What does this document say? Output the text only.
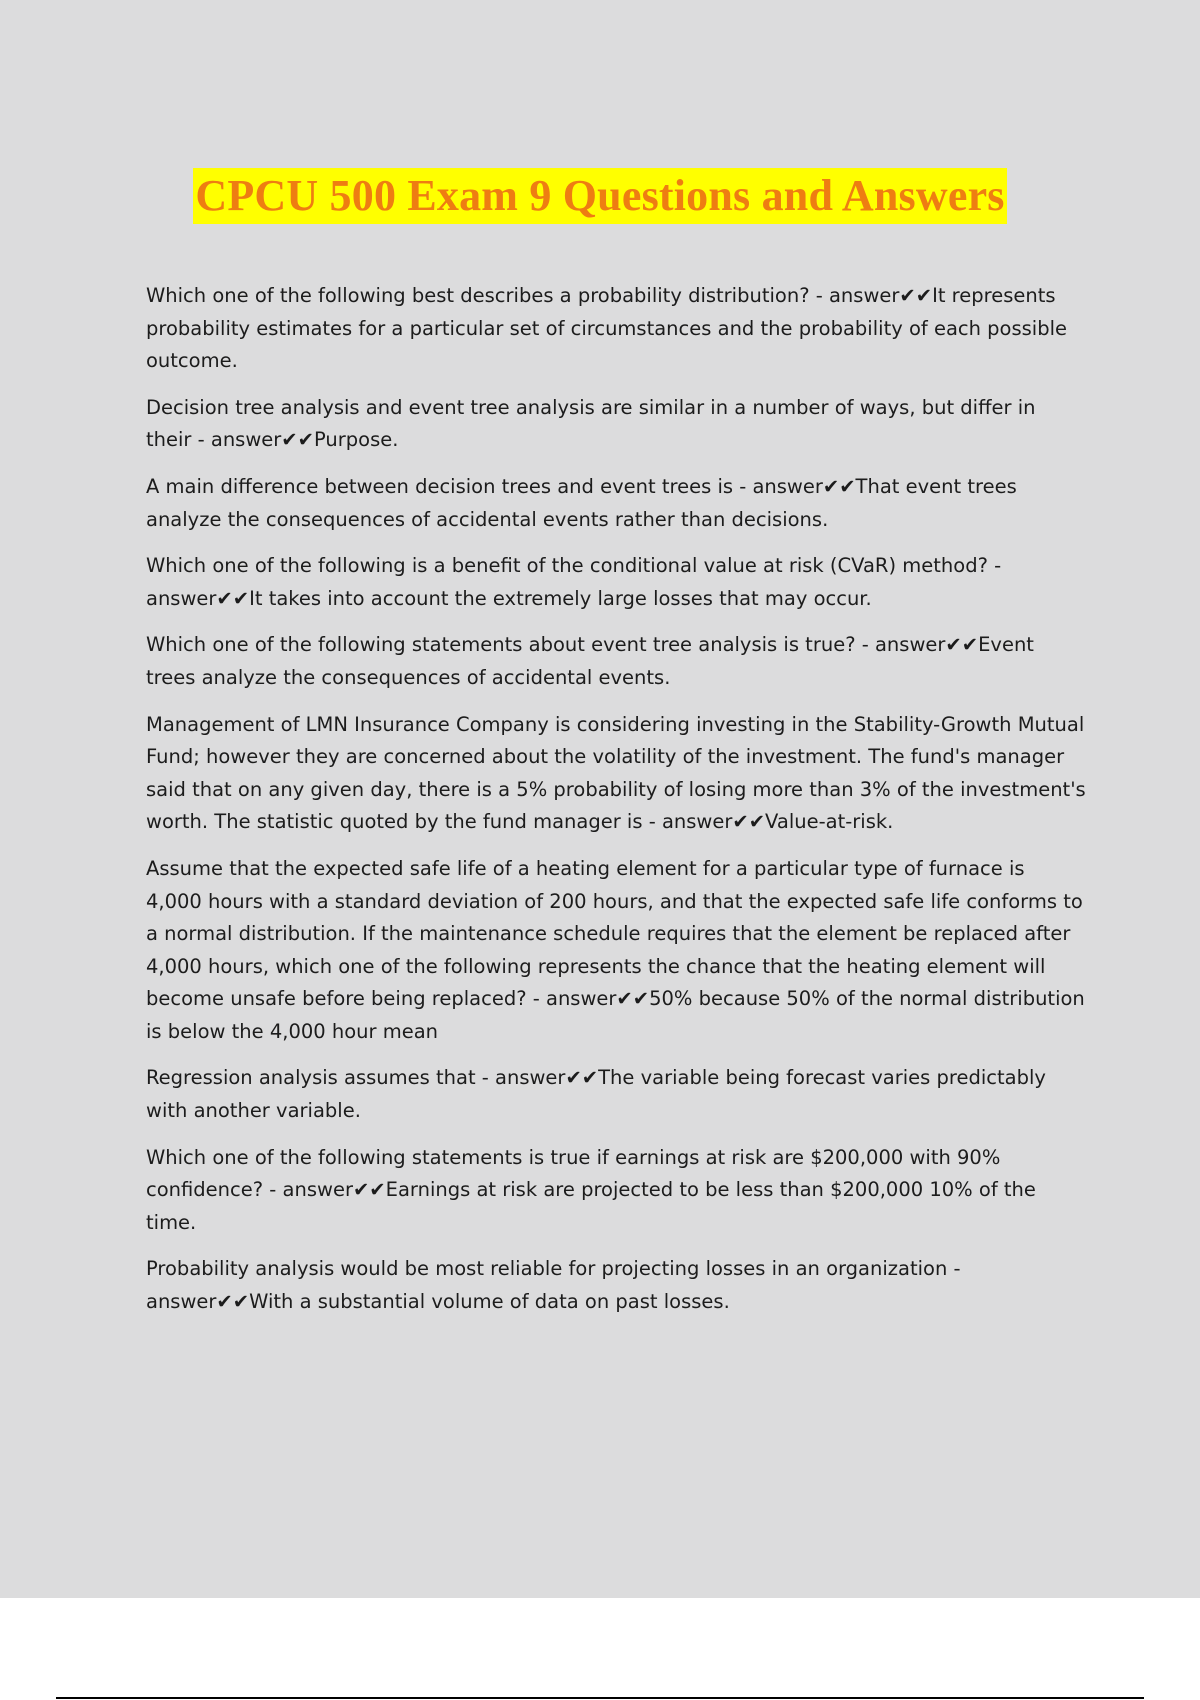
CPCU 500 Exam 9 Questions and Answers

Which one of the following best describes a probability distribution? - answer✔✔It represents probability estimates for a particular set of circumstances and the probability of each possible outcome.

Decision tree analysis and event tree analysis are similar in a number of ways, but differ in their - answer✔✔Purpose.

A main difference between decision trees and event trees is - answer✔✔That event trees analyze the consequences of accidental events rather than decisions.

Which one of the following is a benefit of the conditional value at risk (CVaR) method? - answer✔✔It takes into account the extremely large losses that may occur.

Which one of the following statements about event tree analysis is true? - answer✔✔Event trees analyze the consequences of accidental events.

Management of LMN Insurance Company is considering investing in the Stability-Growth Mutual Fund; however they are concerned about the volatility of the investment. The fund's manager said that on any given day, there is a 5% probability of losing more than 3% of the investment's worth. The statistic quoted by the fund manager is - answer✔✔Value-at-risk.

Assume that the expected safe life of a heating element for a particular type of furnace is 4,000 hours with a standard deviation of 200 hours, and that the expected safe life conforms to a normal distribution. If the maintenance schedule requires that the element be replaced after 4,000 hours, which one of the following represents the chance that the heating element will become unsafe before being replaced? - answer✔✔50% because 50% of the normal distribution is below the 4,000 hour mean

Regression analysis assumes that - answer✔✔The variable being forecast varies predictably with another variable.

Which one of the following statements is true if earnings at risk are $200,000 with 90% confidence? - answer✔✔Earnings at risk are projected to be less than $200,000 10% of the time.

Probability analysis would be most reliable for projecting losses in an organization - answer✔✔With a substantial volume of data on past losses.
